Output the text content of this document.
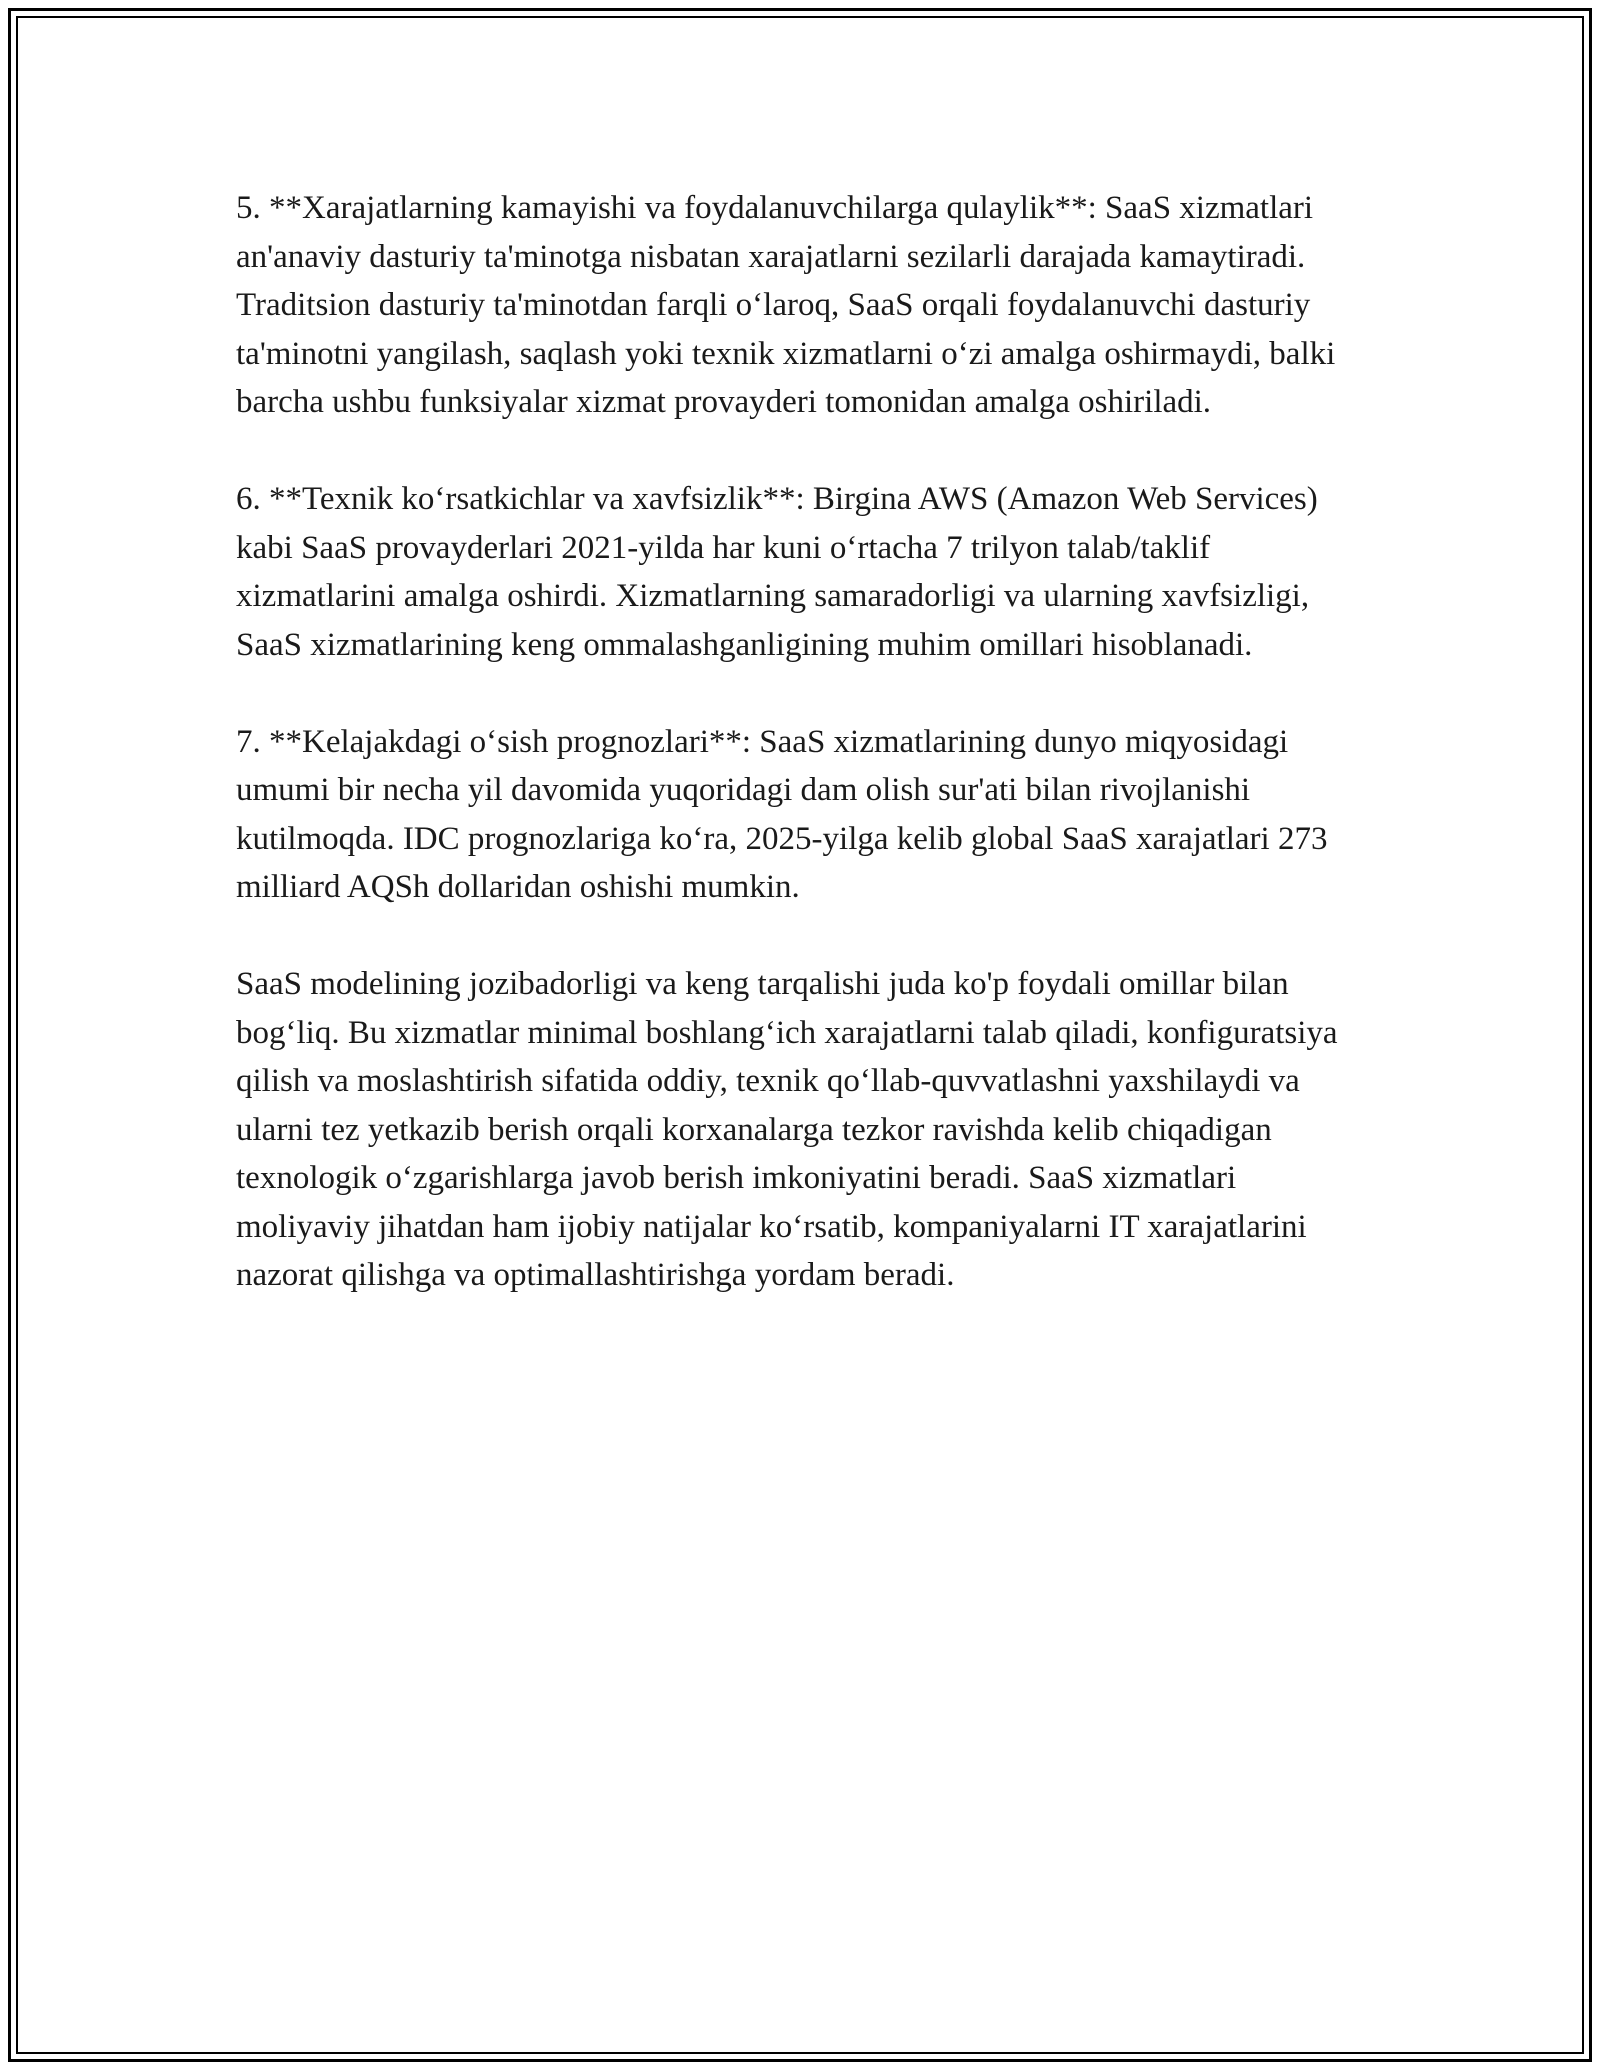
5. **Xarajatlarning kamayishi va foydalanuvchilarga qulaylik**: SaaS xizmatlari an'anaviy dasturiy ta'minotga nisbatan xarajatlarni sezilarli darajada kamaytiradi. Traditsion dasturiy ta'minotdan farqli oʻlaroq, SaaS orqali foydalanuvchi dasturiy ta'minotni yangilash, saqlash yoki texnik xizmatlarni oʻzi amalga oshirmaydi, balki barcha ushbu funksiyalar xizmat provayderi tomonidan amalga oshiriladi.

6. **Texnik koʻrsatkichlar va xavfsizlik**: Birgina AWS (Amazon Web Services) kabi SaaS provayderlari 2021-yilda har kuni oʻrtacha 7 trilyon talab/taklif xizmatlarini amalga oshirdi. Xizmatlarning samaradorligi va ularning xavfsizligi, SaaS xizmatlarining keng ommalashganligining muhim omillari hisoblanadi.

7. **Kelajakdagi oʻsish prognozlari**: SaaS xizmatlarining dunyo miqyosidagi umumi bir necha yil davomida yuqoridagi dam olish sur'ati bilan rivojlanishi kutilmoqda. IDC prognozlariga koʻra, 2025-yilga kelib global SaaS xarajatlari 273 milliard AQSh dollaridan oshishi mumkin.

SaaS modelining jozibadorligi va keng tarqalishi juda ko'p foydali omillar bilan bogʻliq. Bu xizmatlar minimal boshlangʻich xarajatlarni talab qiladi, konfiguratsiya qilish va moslashtirish sifatida oddiy, texnik qoʻllab-quvvatlashni yaxshilaydi va ularni tez yetkazib berish orqali korxanalarga tezkor ravishda kelib chiqadigan texnologik oʻzgarishlarga javob berish imkoniyatini beradi. SaaS xizmatlari moliyaviy jihatdan ham ijobiy natijalar koʻrsatib, kompaniyalarni IT xarajatlarini nazorat qilishga va optimallashtirishga yordam beradi.
